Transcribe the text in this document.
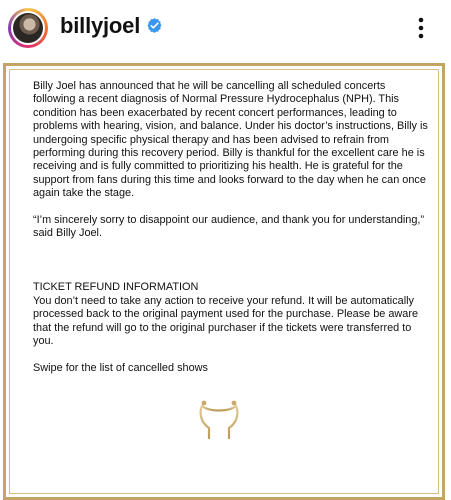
billyjoel

Billy Joel has announced that he will be cancelling all scheduled concerts following a recent diagnosis of Normal Pressure Hydrocephalus (NPH). This condition has been exacerbated by recent concert performances, leading to problems with hearing, vision, and balance. Under his doctor’s instructions, Billy is undergoing specific physical therapy and has been advised to refrain from performing during this recovery period. Billy is thankful for the excellent care he is receiving and is fully committed to prioritizing his health. He is grateful for the support from fans during this time and looks forward to the day when he can once again take the stage.

“I’m sincerely sorry to disappoint our audience, and thank you for understanding,” said Billy Joel.

TICKET REFUND INFORMATION

You don’t need to take any action to receive your refund. It will be automatically processed back to the original payment used for the purchase. Please be aware that the refund will go to the original purchaser if the tickets were transferred to you.

Swipe for the list of cancelled shows
